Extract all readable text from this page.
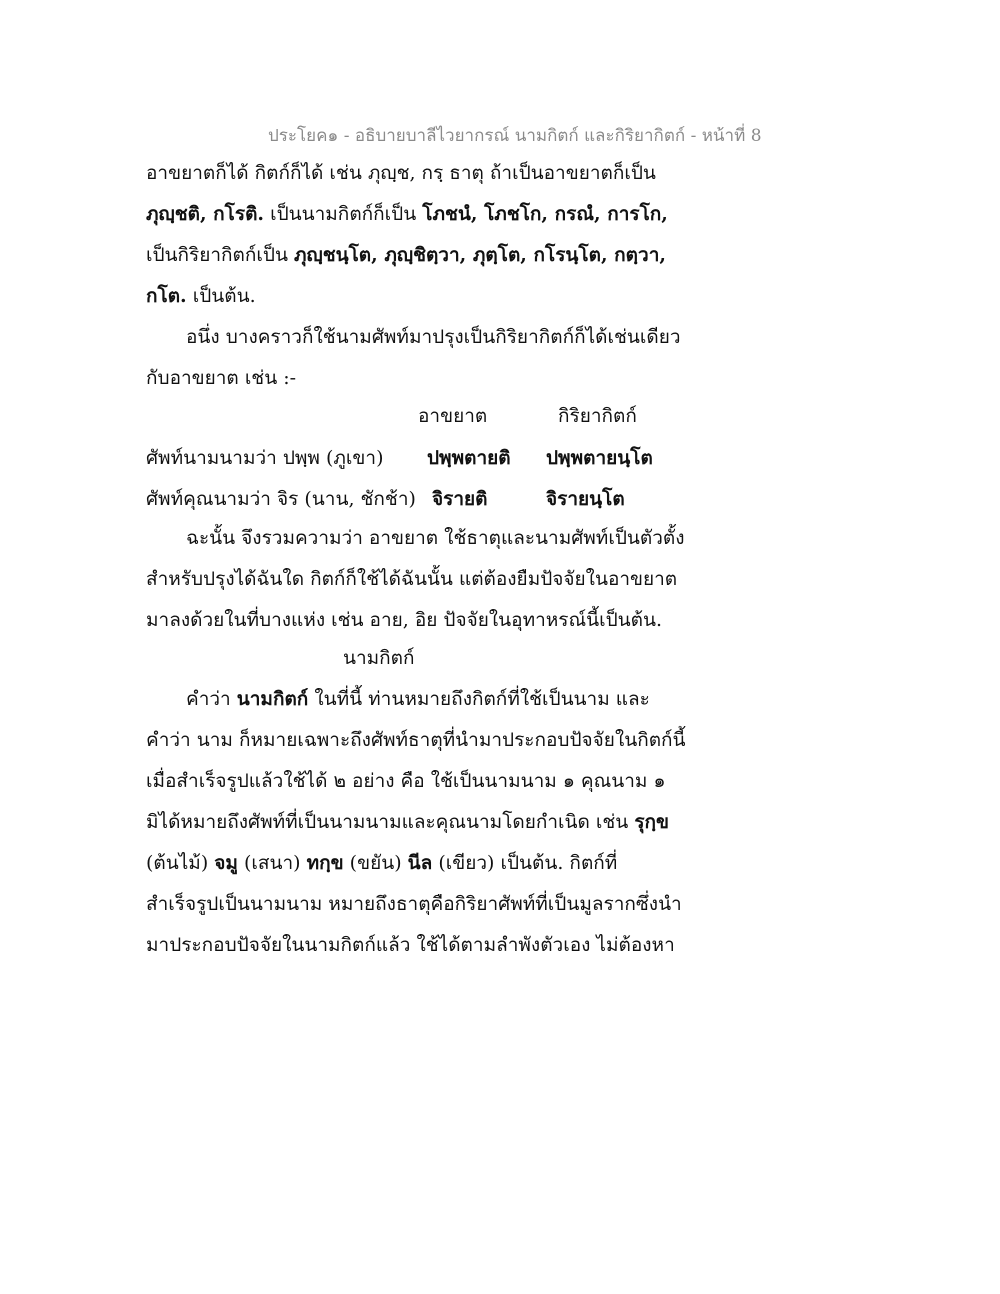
ประโยค๑ - อธิบายบาลีไวยากรณ์ นามกิตก์ และกิริยากิตก์ - หน้าที่ 8
อาขยาตก็ได้ กิตก์ก็ได้ เช่น ภุญฺช, กรฺ ธาตุ ถ้าเป็นอาขยาตก็เป็น
ภุญฺชติ, กโรติ. เป็นนามกิตก์ก็เป็น โภชนํ, โภชโก, กรณํ, การโก,
เป็นกิริยากิตก์เป็น ภุญฺชนฺโต, ภุญฺชิตฺวา, ภุตฺโต, กโรนฺโต, กตฺวา,
กโต. เป็นต้น.
อนึ่ง บางคราวก็ใช้นามศัพท์มาปรุงเป็นกิริยากิตก์ก็ได้เช่นเดียว
กับอาขยาต เช่น :-
อาขยาต	กิริยากิตก์
ศัพท์นามนามว่า ปพฺพ (ภูเขา) ปพฺพตายติ ปพฺพตายนฺโต
ศัพท์คุณนามว่า จิร (นาน, ชักช้า) จิรายติ	จิรายนฺโต
ฉะนั้น จึงรวมความว่า อาขยาต ใช้ธาตุและนามศัพท์เป็นตัวตั้ง
สำหรับปรุงได้ฉันใด กิตก์ก็ใช้ได้ฉันนั้น แต่ต้องยืมปัจจัยในอาขยาต
มาลงด้วยในที่บางแห่ง เช่น อาย, อิย ปัจจัยในอุทาหรณ์นี้เป็นต้น.
นามกิตก์
คำว่า นามกิตก์ ในที่นี้ ท่านหมายถึงกิตก์ที่ใช้เป็นนาม และ
คำว่า นาม ก็หมายเฉพาะถึงศัพท์ธาตุที่นำมาประกอบปัจจัยในกิตก์นี้
เมื่อสำเร็จรูปแล้วใช้ได้ ๒ อย่าง คือ ใช้เป็นนามนาม ๑ คุณนาม ๑
มิได้หมายถึงศัพท์ที่เป็นนามนามและคุณนามโดยกำเนิด เช่น รุกฺข
(ต้นไม้) จมู (เสนา) ทกฺข (ขยัน) นีล (เขียว) เป็นต้น. กิตก์ที่
สำเร็จรูปเป็นนามนาม หมายถึงธาตุคือกิริยาศัพท์ที่เป็นมูลรากซึ่งนำ
มาประกอบปัจจัยในนามกิตก์แล้ว ใช้ได้ตามลำพังตัวเอง ไม่ต้องหา
